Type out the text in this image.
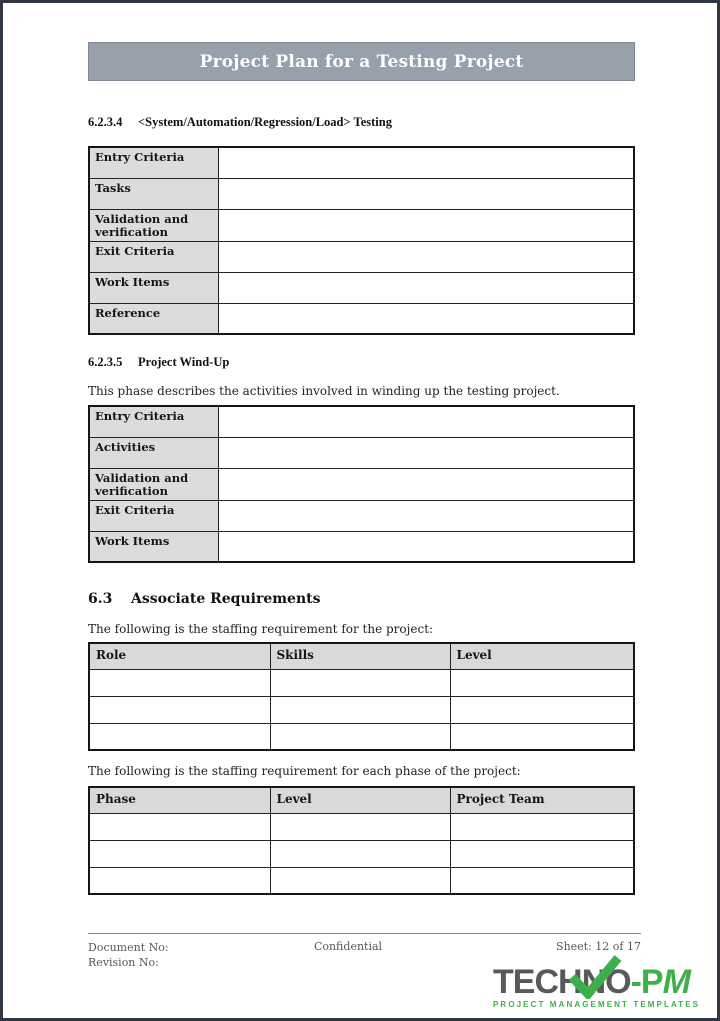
Project Plan for a Testing Project
6.2.3.4 <System/Automation/Regression/Load> Testing
Entry Criteria	
Tasks	
Validation and verification	
Exit Criteria	
Work Items	
Reference	
6.2.3.5 Project Wind-Up
This phase describes the activities involved in winding up the testing project.
Entry Criteria	
Activities	
Validation and verification	
Exit Criteria	
Work Items	
6.3 Associate Requirements
The following is the staffing requirement for the project:
Role	Skills	Level

The following is the staffing requirement for each phase of the project:
Phase	Level	Project Team

Document No:
Revision No:
Confidential	Sheet: 12 of 17
TECHNO-PM
PROJECT MANAGEMENT TEMPLATES
